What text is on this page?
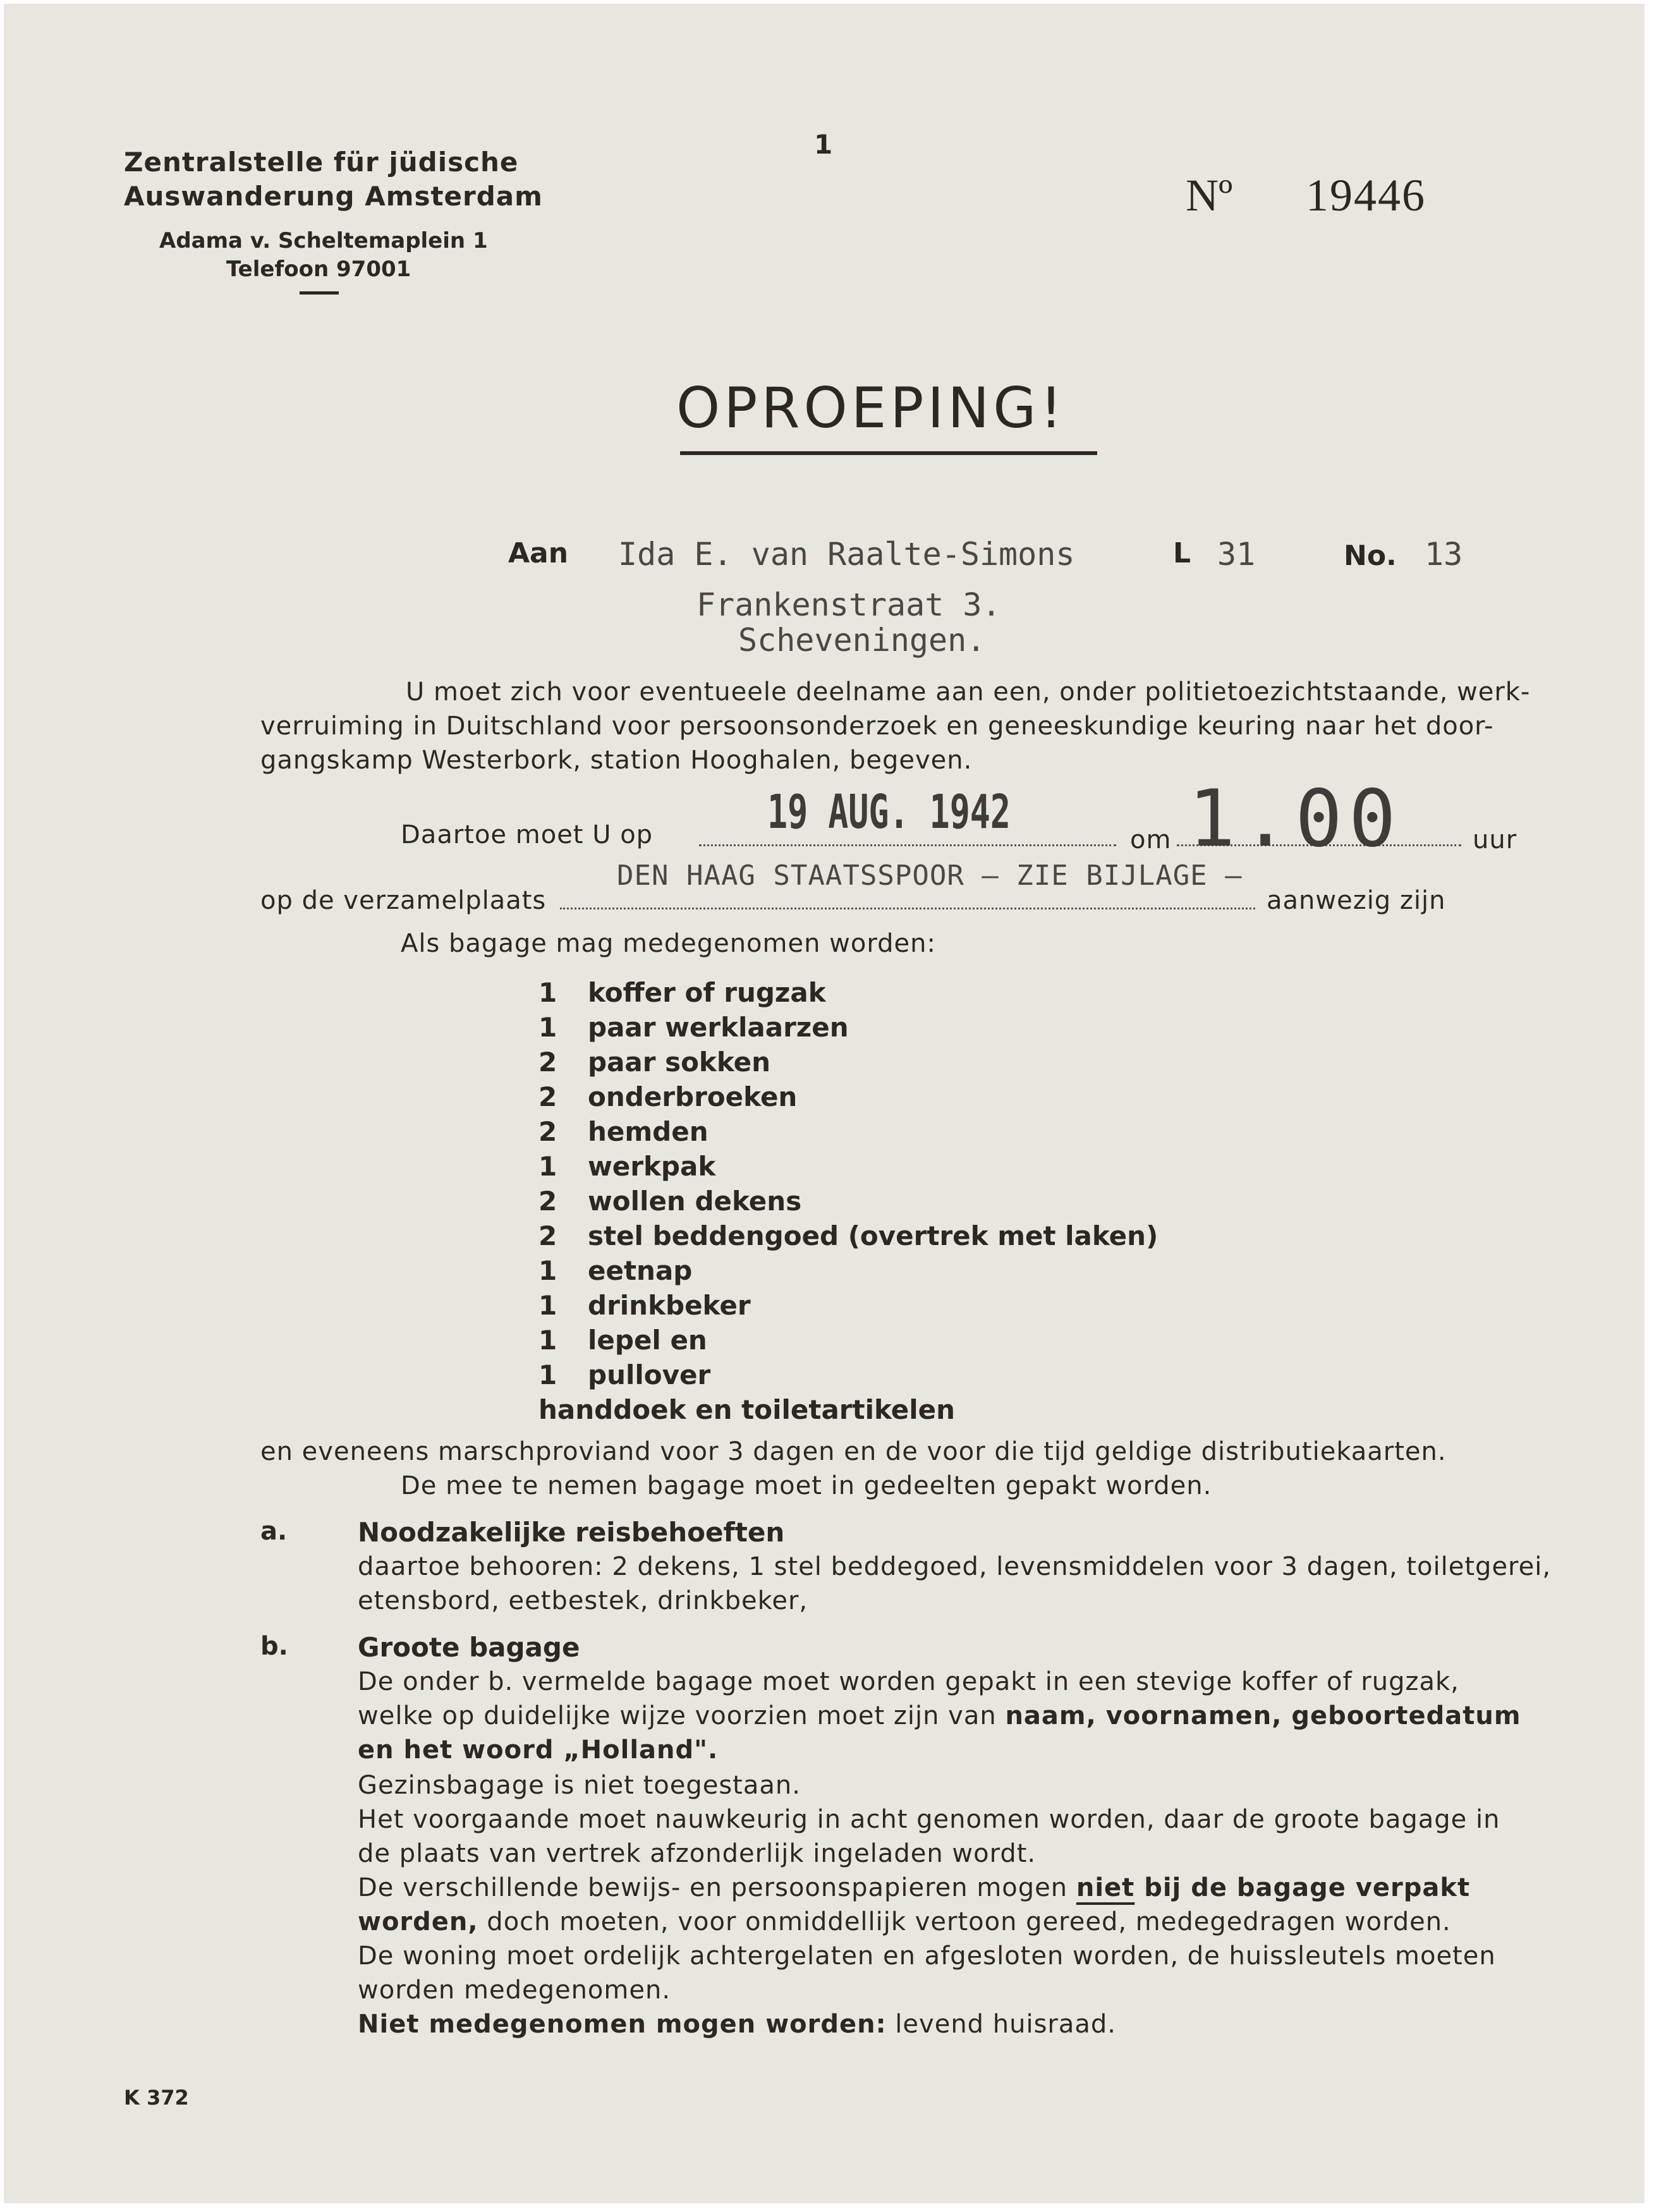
Zentralstelle für jüdische
Auswanderung Amsterdam
Adama v. Scheltemaplein 1
Telefoon 97001
1
Nº 19446
OPROEPING!
Aan Ida E. van Raalte-Simons	L 31	No. 13
Frankenstraat 3.
Scheveningen.
U moet zich voor eventueele deelname aan een, onder politietoezichtstaande, werk-
verruiming in Duitschland voor persoonsonderzoek en geneeskundige keuring naar het door-
gangskamp Westerbork, station Hooghalen, begeven.
Daartoe moet U op 19 AUG. 1942
om 1.00	uur
op de verzamelplaats
DEN HAAG STAATSSPOOR — ZIE BIJLAGE —
aanwezig zijn
Als bagage mag medegenomen worden:
1 koffer of rugzak
1 paar werklaarzen
2 paar sokken
2 onderbroeken
2 hemden
1 werkpak
2 wollen dekens
2 stel beddengoed (overtrek met laken)
1 eetnap
1 drinkbeker
1 lepel en
1 pullover
handdoek en toiletartikelen
en eveneens marschproviand voor 3 dagen en de voor die tijd geldige distributiekaarten.
De mee te nemen bagage moet in gedeelten gepakt worden.
a.	Noodzakelijke reisbehoeften
daartoe behooren: 2 dekens, 1 stel beddegoed, levensmiddelen voor 3 dagen, toiletgerei,
etensbord, eetbestek, drinkbeker,
b.	Groote bagage
De onder b. vermelde bagage moet worden gepakt in een stevige koffer of rugzak,
welke op duidelijke wijze voorzien moet zijn van naam, voornamen, geboortedatum
en het woord „Holland".
Gezinsbagage is niet toegestaan.
Het voorgaande moet nauwkeurig in acht genomen worden, daar de groote bagage in
de plaats van vertrek afzonderlijk ingeladen wordt.
De verschillende bewijs- en persoonspapieren mogen niet bij de bagage verpakt
worden, doch moeten, voor onmiddellijk vertoon gereed, medegedragen worden.
De woning moet ordelijk achtergelaten en afgesloten worden, de huissleutels moeten
worden medegenomen.
Niet medegenomen mogen worden: levend huisraad.
K 372
